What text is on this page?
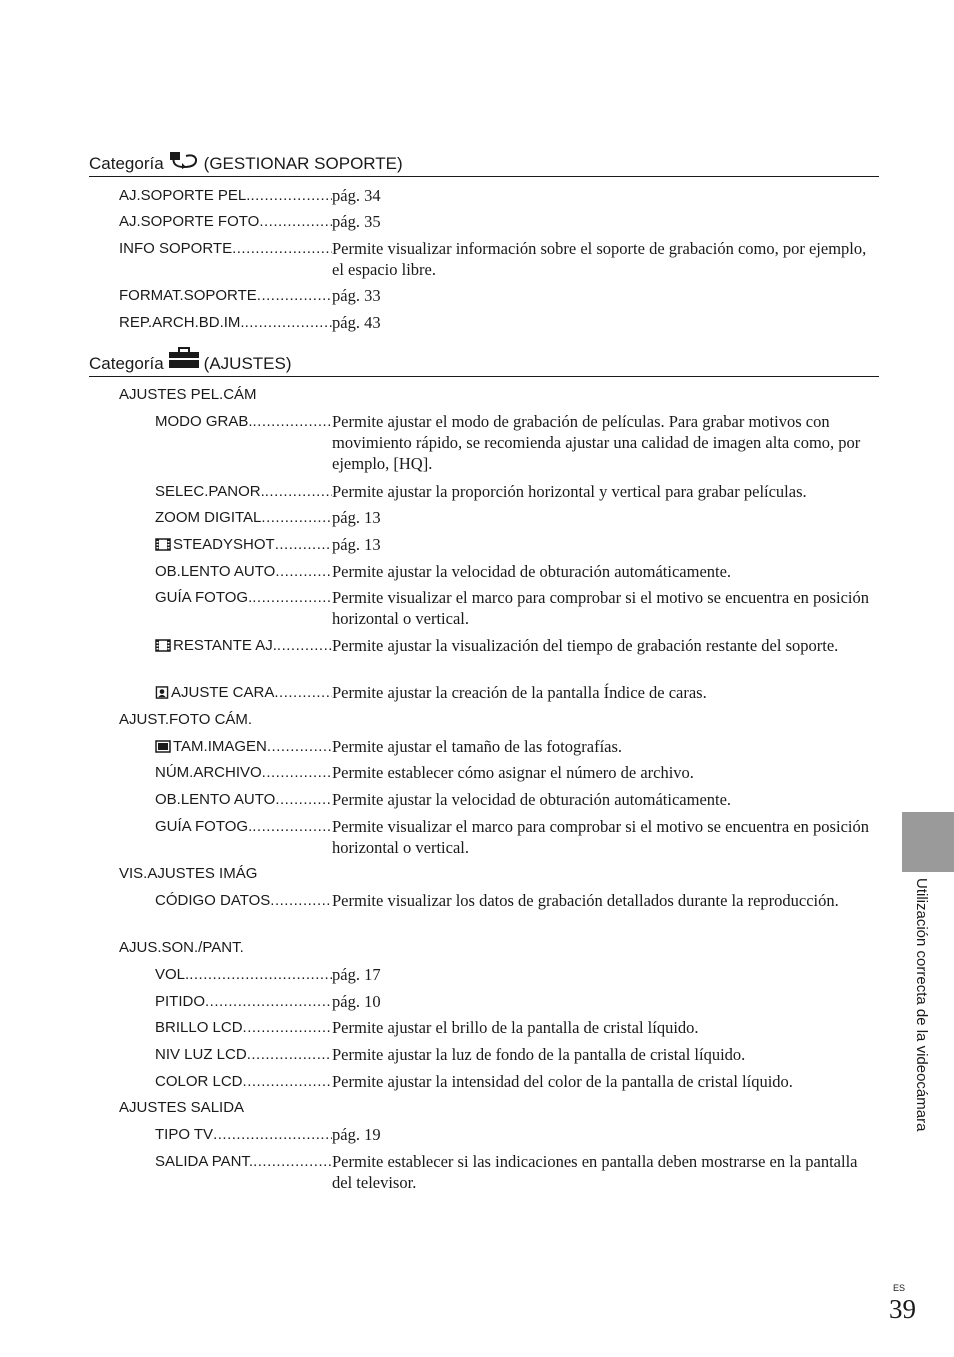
Categoría (GESTIONAR SOPORTE)
AJ.SOPORTE PEL. .....	pág. 34
AJ.SOPORTE FOTO .....	pág. 35
INFO SOPORTE .....	Permite visualizar información sobre el soporte de grabación como, por ejemplo, el espacio libre.
FORMAT.SOPORTE .....	pág. 33
REP.ARCH.BD.IM. .....	pág. 43
Categoría (AJUSTES)
AJUSTES PEL.CÁM
MODO GRAB. .....	Permite ajustar el modo de grabación de películas. Para grabar motivos con movimiento rápido, se recomienda ajustar una calidad de imagen alta como, por ejemplo, [HQ].
SELEC.PANOR. .....	Permite ajustar la proporción horizontal y vertical para grabar películas.
ZOOM DIGITAL .....	pág. 13
STEADYSHOT .....	pág. 13
OB.LENTO AUTO .....	Permite ajustar la velocidad de obturación automáticamente.
GUÍA FOTOG. .....	Permite visualizar el marco para comprobar si el motivo se encuentra en posición horizontal o vertical.
RESTANTE AJ. .....	Permite ajustar la visualización del tiempo de grabación restante del soporte.
AJUSTE CARA .....	Permite ajustar la creación de la pantalla Índice de caras.
AJUST.FOTO CÁM.
TAM.IMAGEN .....	Permite ajustar el tamaño de las fotografías.
NÚM.ARCHIVO .....	Permite establecer cómo asignar el número de archivo.
OB.LENTO AUTO .....	Permite ajustar la velocidad de obturación automáticamente.
GUÍA FOTOG. .....	Permite visualizar el marco para comprobar si el motivo se encuentra en posición horizontal o vertical.
VIS.AJUSTES IMÁG
CÓDIGO DATOS .....	Permite visualizar los datos de grabación detallados durante la reproducción.
AJUS.SON./PANT.
VOL. .....	pág. 17
PITIDO .....	pág. 10
BRILLO LCD .....	Permite ajustar el brillo de la pantalla de cristal líquido.
NIV LUZ LCD .....	Permite ajustar la luz de fondo de la pantalla de cristal líquido.
COLOR LCD .....	Permite ajustar la intensidad del color de la pantalla de cristal líquido.
AJUSTES SALIDA
TIPO TV .....	pág. 19
SALIDA PANT. .....	Permite establecer si las indicaciones en pantalla deben mostrarse en la pantalla del televisor.
Utilización correcta de la videocámara
ES
39
